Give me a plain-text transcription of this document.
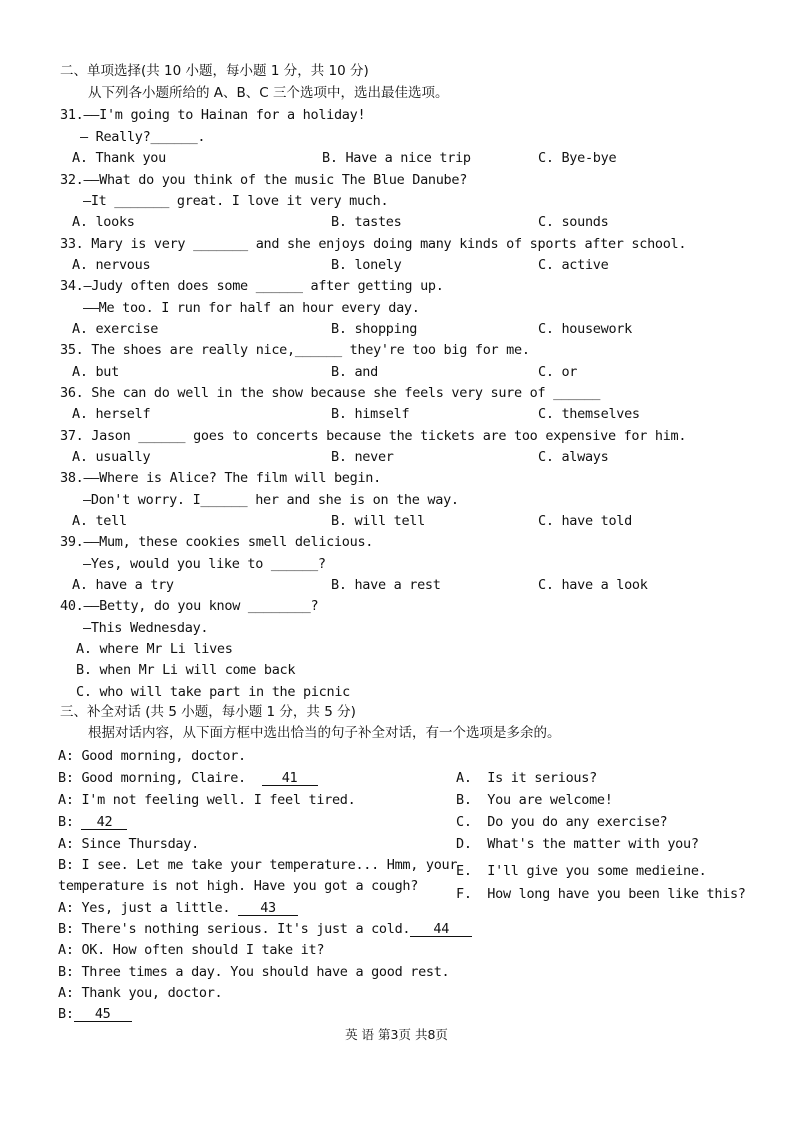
二、单项选择(共 10 小题，每小题 1 分，共 10 分)
从下列各小题所给的 A、B、C 三个选项中，选出最佳选项。
31.——I'm going to Hainan for a holiday!
— Really?______.
A. Thank you	B. Have a nice trip	C. Bye-bye
32.——What do you think of the music The Blue Danube?
—It _______ great. I love it very much.
A. looks	B. tastes	C. sounds
33. Mary is very _______ and she enjoys doing many kinds of sports after school.
A. nervous	B. lonely	C. active
34.—Judy often does some ______ after getting up.
——Me too. I run for half an hour every day.
A. exercise	B. shopping	C. housework
35. The shoes are really nice,______ they're too big for me.
A. but	B. and	C. or
36. She can do well in the show because she feels very sure of ______
A. herself	B. himself	C. themselves
37. Jason ______ goes to concerts because the tickets are too expensive for him.
A. usually	B. never	C. always
38.——Where is Alice? The film will begin.
—Don't worry. I______ her and she is on the way.
A. tell	B. will tell	C. have told
39.——Mum, these cookies smell delicious.
—Yes, would you like to ______?
A. have a try	B. have a rest	C. have a look
40.——Betty, do you know ________?
—This Wednesday.
A. where Mr Li lives
B. when Mr Li will come back
C. who will take part in the picnic
三、补全对话 (共 5 小题，每小题 1 分，共 5 分)
根据对话内容，从下面方框中选出恰当的句子补全对话，有一个选项是多余的。
A: Good morning, doctor.
B: Good morning, Claire.	41
A: I'm not feeling well. I feel tired.
B: 42
A: Since Thursday.
B: I see. Let me take your temperature... Hmm, your
temperature is not high. Have you got a cough?
A: Yes, just a little. 43
B: There's nothing serious. It's just a cold. 44
A: OK. How often should I take it?
B: Three times a day. You should have a good rest.
A: Thank you, doctor.
B: 45
A.  Is it serious?
B.  You are welcome!
C.  Do you do any exercise?
D.  What's the matter with you?
E.  I'll give you some medieine.
F.  How long have you been like this?
英 语 第3页 共8页
